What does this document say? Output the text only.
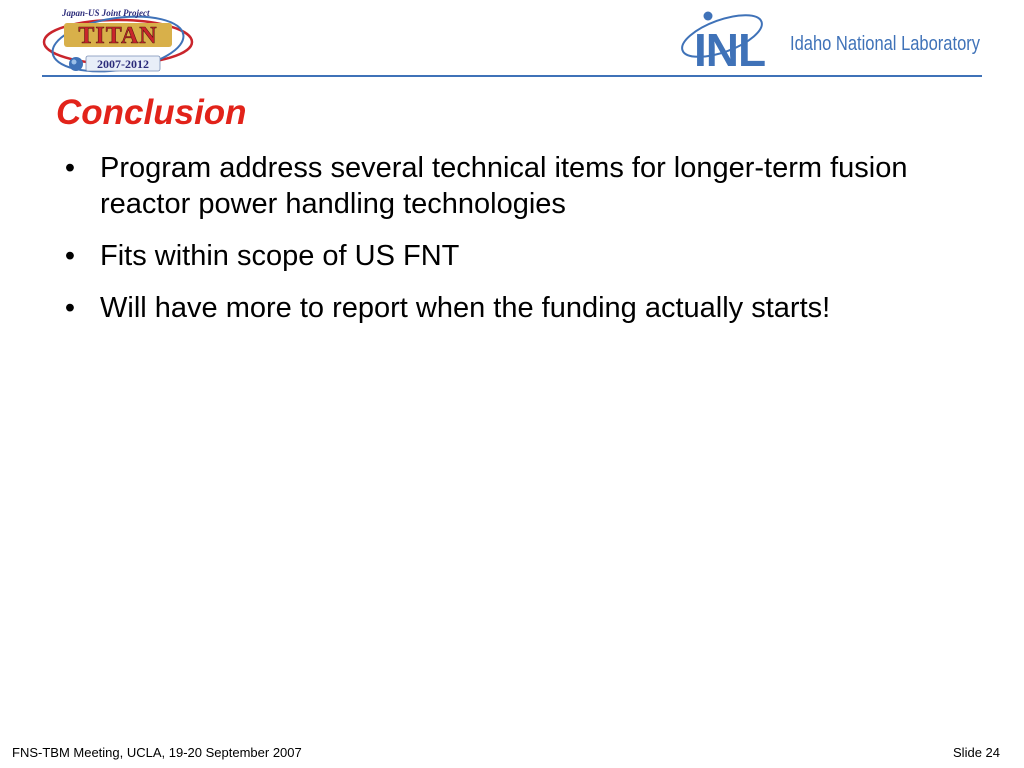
Japan-US Joint Project
TITAN
2007-2012	INL Idaho National Laboratory
Conclusion
• Program address several technical items for longer-term fusion reactor power handling technologies
• Fits within scope of US FNT
• Will have more to report when the funding actually starts!
FNS-TBM Meeting, UCLA, 19-20 September 2007	Slide 24
